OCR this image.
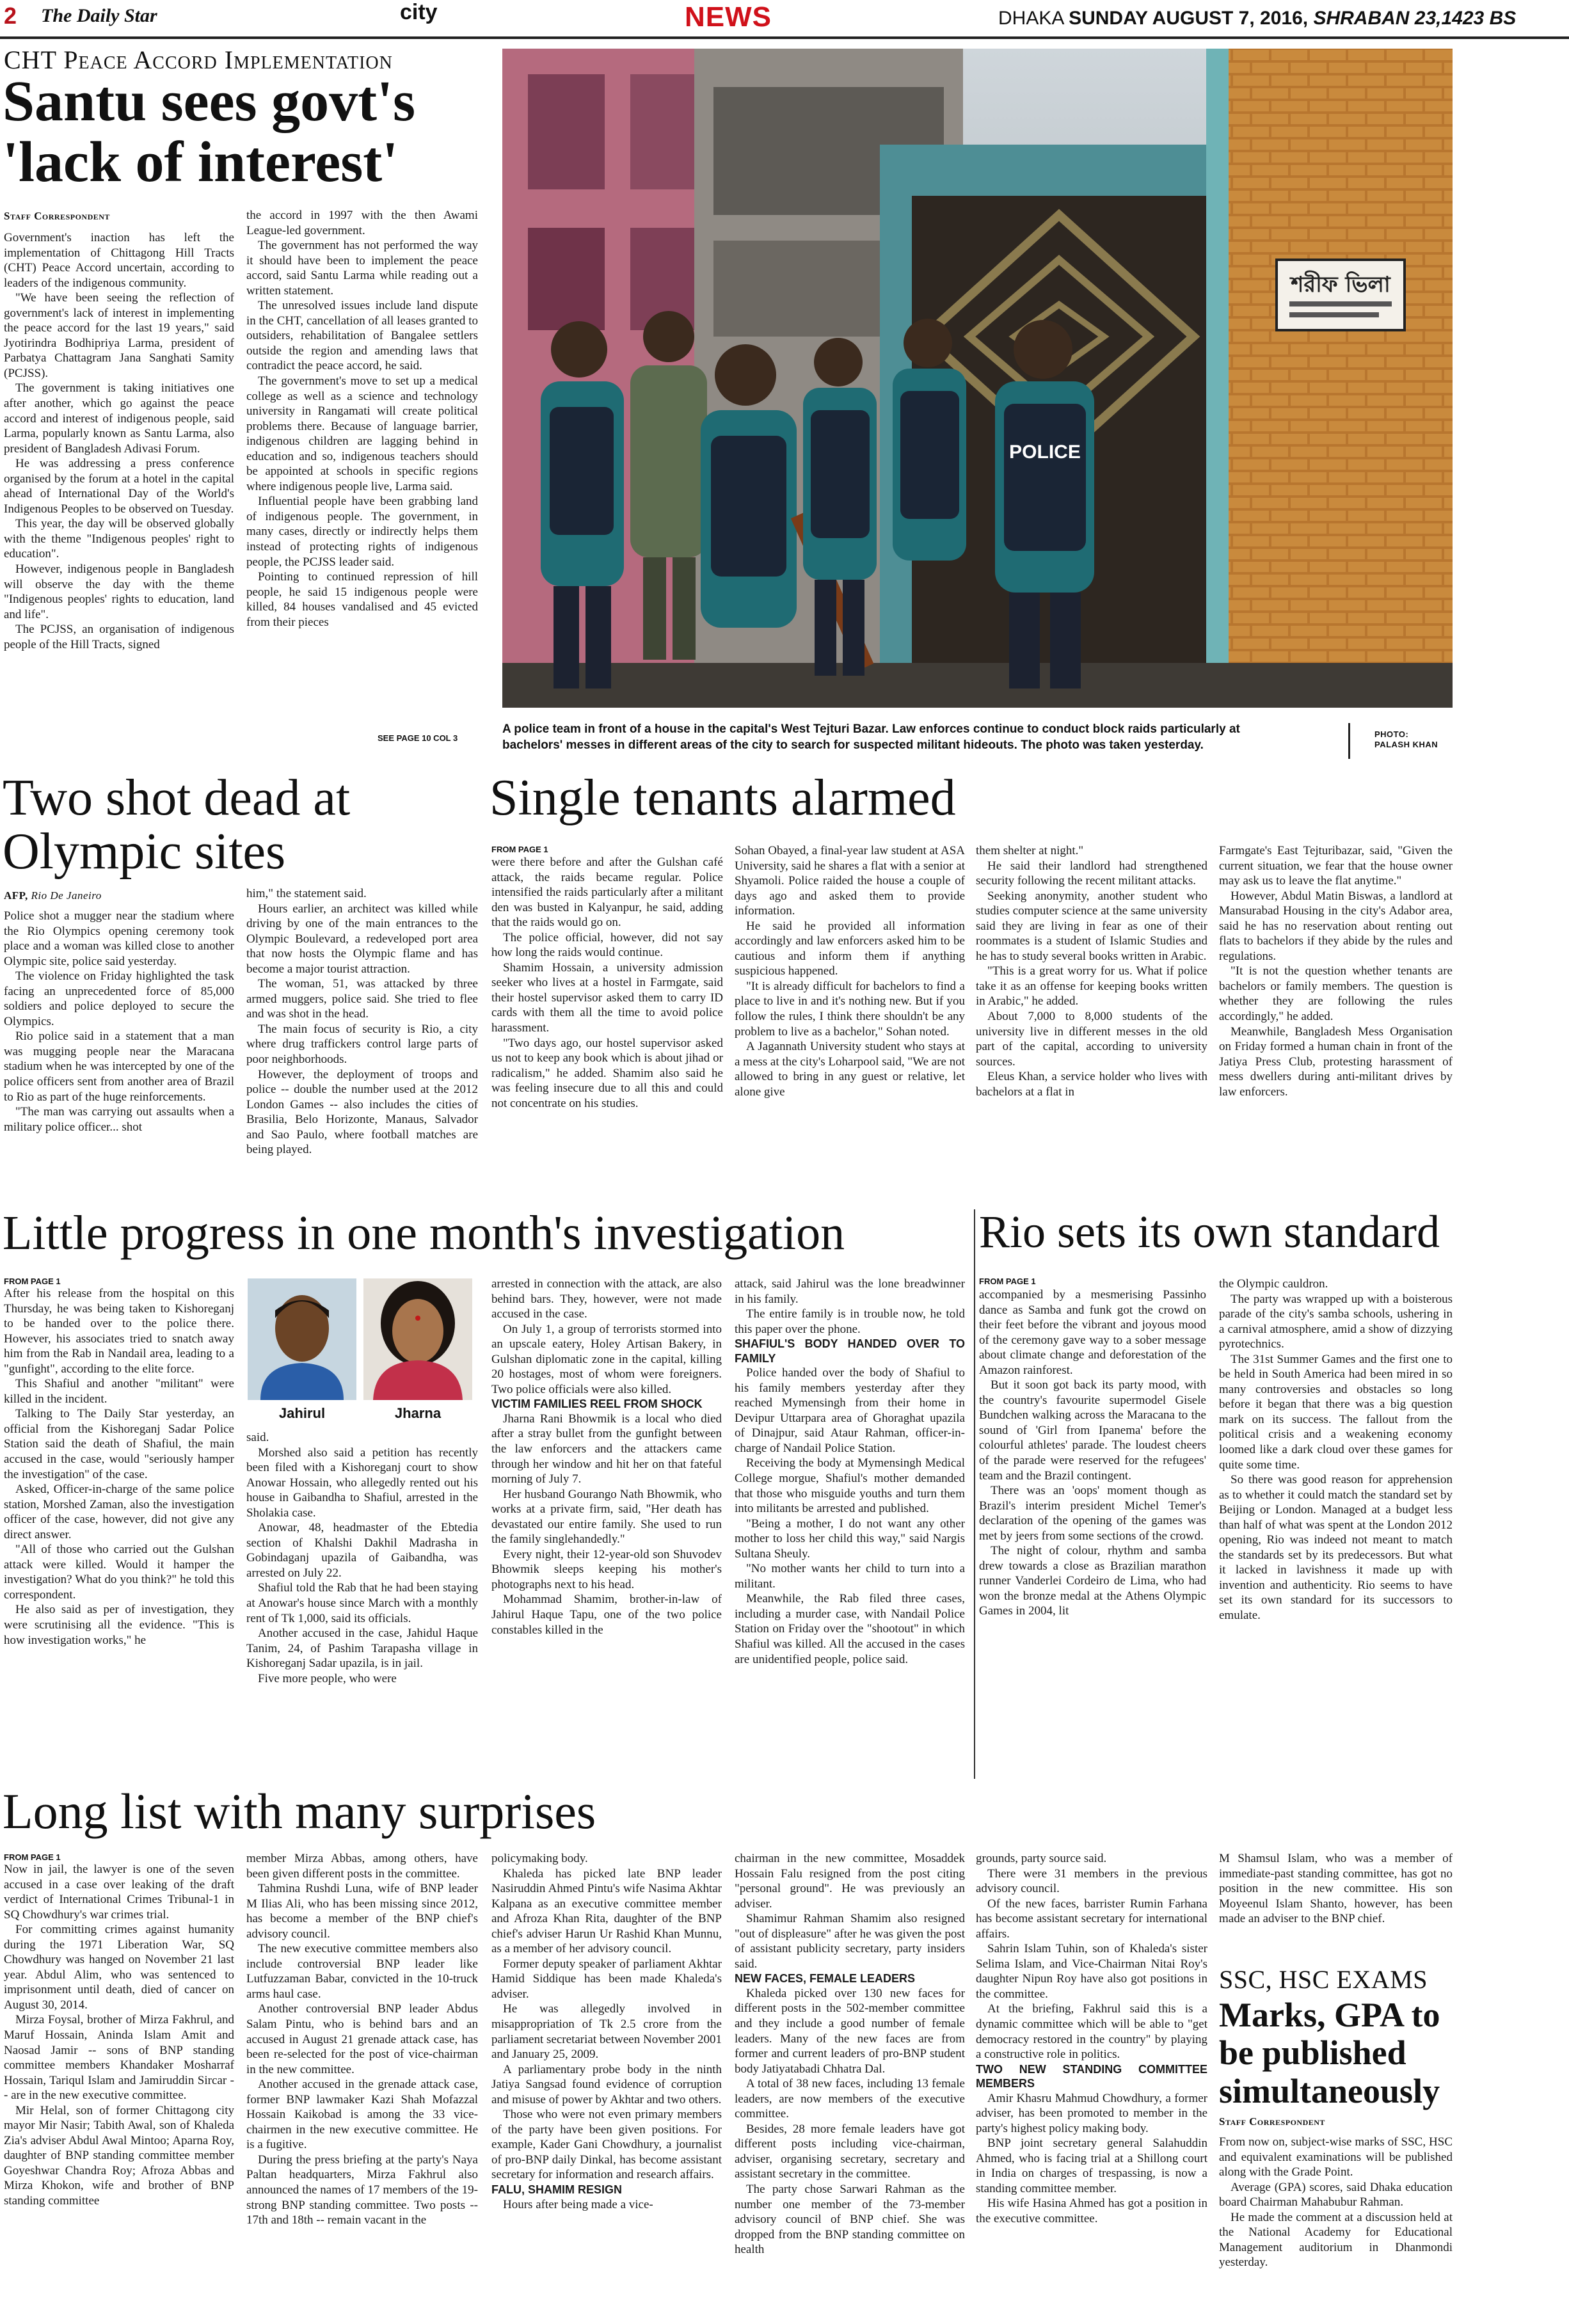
2 The Daily Star	city	NEWS	DHAKA SUNDAY AUGUST 7, 2016, SHRABAN 23,1423 BS
CHT Peace Accord Implementation
Santu sees govt's
'lack of interest'
Staff Correspondent

Government's inaction has left the implementation of Chittagong Hill Tracts (CHT) Peace Accord uncertain, according to leaders of the indigenous community.

"We have been seeing the reflection of government's lack of interest in implementing the peace accord for the last 19 years," said Jyotirindra Bodhipriya Larma, president of Parbatya Chattagram Jana Sanghati Samity (PCJSS).

The government is taking initiatives one after another, which go against the peace accord and interest of indigenous people, said Larma, popularly known as Santu Larma, also president of Bangladesh Adivasi Forum.

He was addressing a press conference organised by the forum at a hotel in the capital ahead of International Day of the World's Indigenous Peoples to be observed on Tuesday.

This year, the day will be observed globally with the theme "Indigenous peoples' right to education".

However, indigenous people in Bangladesh will observe the day with the theme "Indigenous peoples' rights to education, land and life".

The PCJSS, an organisation of indigenous people of the Hill Tracts, signed

the accord in 1997 with the then Awami League-led government.

The government has not performed the way it should have been to implement the peace accord, said Santu Larma while reading out a written statement.

The unresolved issues include land dispute in the CHT, cancellation of all leases granted to outsiders, rehabilitation of Bangalee settlers outside the region and amending laws that contradict the peace accord, he said.

The government's move to set up a medical college as well as a science and technology university in Rangamati will create political problems there. Because of language barrier, indigenous children are lagging behind in education and so, indigenous teachers should be appointed at schools in specific regions where indigenous people live, Larma said.

Influential people have been grabbing land of indigenous people. The government, in many cases, directly or indirectly helps them instead of protecting rights of indigenous people, the PCJSS leader said.

Pointing to continued repression of hill people, he said 15 indigenous people were killed, 84 houses vandalised and 45 evicted from their pieces

SEE PAGE 10 COL 3
শরীফ ভিলা
POLICE
A police team in front of a house in the capital's West Tejturi Bazar. Law enforces continue to conduct block raids particularly at bachelors' messes in different areas of the city to search for suspected militant hideouts. The photo was taken yesterday.
PHOTO:
PALASH KHAN
Two shot dead at
Olympic sites
AFP, Rio De Janeiro

Police shot a mugger near the stadium where the Rio Olympics opening ceremony took place and a woman was killed close to another Olympic site, police said yesterday.

The violence on Friday highlighted the task facing an unprecedented force of 85,000 soldiers and police deployed to secure the Olympics.

Rio police said in a statement that a man was mugging people near the Maracana stadium when he was intercepted by one of the police officers sent from another area of Brazil to Rio as part of the huge reinforcements.

"The man was carrying out assaults when a military police officer... shot

him," the statement said.

Hours earlier, an architect was killed while driving by one of the main entrances to the Olympic Boulevard, a redeveloped port area that now hosts the Olympic flame and has become a major tourist attraction.

The woman, 51, was attacked by three armed muggers, police said. She tried to flee and was shot in the head.

The main focus of security is Rio, a city where drug traffickers control large parts of poor neighborhoods.

However, the deployment of troops and police -- double the number used at the 2012 London Games -- also includes the cities of Brasilia, Belo Horizonte, Manaus, Salvador and Sao Paulo, where football matches are being played.

Single tenants alarmed
FROM PAGE 1

were there before and after the Gulshan café attack, the raids became regular. Police intensified the raids particularly after a militant den was busted in Kalyanpur, he said, adding that the raids would go on.

The police official, however, did not say how long the raids would continue.

Shamim Hossain, a university admission seeker who lives at a hostel in Farmgate, said their hostel supervisor asked them to carry ID cards with them all the time to avoid police harassment.

"Two days ago, our hostel supervisor asked us not to keep any book which is about jihad or radicalism," he added. Shamim also said he was feeling insecure due to all this and could not concentrate on his studies.

Sohan Obayed, a final-year law student at ASA University, said he shares a flat with a senior at Shyamoli. Police raided the house a couple of days ago and asked them to provide information.

He said he provided all information accordingly and law enforcers asked him to be cautious and inform them if anything suspicious happened.

"It is already difficult for bachelors to find a place to live in and it's nothing new. But if you follow the rules, I think there shouldn't be any problem to live as a bachelor," Sohan noted.

A Jagannath University student who stays at a mess at the city's Loharpool said, "We are not allowed to bring in any guest or relative, let alone give

them shelter at night."

He said their landlord had strengthened security following the recent militant attacks.

Seeking anonymity, another student who studies computer science at the same university said they are living in fear as one of their roommates is a student of Islamic Studies and he has to study several books written in Arabic.

"This is a great worry for us. What if police take it as an offense for keeping books written in Arabic," he added.

About 7,000 to 8,000 students of the university live in different messes in the old part of the capital, according to university sources.

Eleus Khan, a service holder who lives with bachelors at a flat in

Farmgate's East Tejturibazar, said, "Given the current situation, we fear that the house owner may ask us to leave the flat anytime."

However, Abdul Matin Biswas, a landlord at Mansurabad Housing in the city's Adabor area, said he has no reservation about renting out flats to bachelors if they abide by the rules and regulations.

"It is not the question whether tenants are bachelors or family members. The question is whether they are following the rules accordingly," he added.

Meanwhile, Bangladesh Mess Organisation on Friday formed a human chain in front of the Jatiya Press Club, protesting harassment of mess dwellers during anti-militant drives by law enforcers.

Little progress in one month's investigation
FROM PAGE 1

After his release from the hospital on this Thursday, he was being taken to Kishoreganj to be handed over to the police there. However, his associates tried to snatch away him from the Rab in Nandail area, leading to a "gunfight", according to the elite force.

This Shafiul and another "militant" were killed in the incident.

Talking to The Daily Star yesterday, an official from the Kishoreganj Sadar Police Station said the death of Shafiul, the main accused in the case, would "seriously hamper the investigation" of the case.

Asked, Officer-in-charge of the same police station, Morshed Zaman, also the investigation officer of the case, however, did not give any direct answer.

"All of those who carried out the Gulshan attack were killed. Would it hamper the investigation? What do you think?" he told this correspondent.

He also said as per of investigation, they were scrutinising all the evidence. "This is how investigation works," he

Jahirul	Jharna

said.

Morshed also said a petition has recently been filed with a Kishoreganj court to show Anowar Hossain, who allegedly rented out his house in Gaibandha to Shafiul, arrested in the Sholakia case.

Anowar, 48, headmaster of the Ebtedia section of Khalshi Dakhil Madrasha in Gobindaganj upazila of Gaibandha, was arrested on July 22.

Shafiul told the Rab that he had been staying at Anowar's house since March with a monthly rent of Tk 1,000, said its officials.

Another accused in the case, Jahidul Haque Tanim, 24, of Pashim Tarapasha village in Kishoreganj Sadar upazila, is in jail.

Five more people, who were

arrested in connection with the attack, are also behind bars. They, however, were not made accused in the case.

On July 1, a group of terrorists stormed into an upscale eatery, Holey Artisan Bakery, in Gulshan diplomatic zone in the capital, killing 20 hostages, most of whom were foreigners. Two police officials were also killed.

VICTIM FAMILIES REEL FROM SHOCK

Jharna Rani Bhowmik is a local who died after a stray bullet from the gunfight between the law enforcers and the attackers came through her window and hit her on that fateful morning of July 7.

Her husband Gourango Nath Bhowmik, who works at a private firm, said, "Her death has devastated our entire family. She used to run the family singlehandedly."

Every night, their 12-year-old son Shuvodev Bhowmik sleeps keeping his mother's photographs next to his head.

Mohammad Shamim, brother-in-law of Jahirul Haque Tapu, one of the two police constables killed in the

attack, said Jahirul was the lone breadwinner in his family.

The entire family is in trouble now, he told this paper over the phone.

SHAFIUL'S BODY HANDED OVER TO FAMILY

Police handed over the body of Shafiul to his family members yesterday after they reached Mymensingh from their home in Devipur Uttarpara area of Ghoraghat upazila of Dinajpur, said Ataur Rahman, officer-in-charge of Nandail Police Station.

Receiving the body at Mymensingh Medical College morgue, Shafiul's mother demanded that those who misguide youths and turn them into militants be arrested and published.

"Being a mother, I do not want any other mother to loss her child this way," said Nargis Sultana Sheuly.

"No mother wants her child to turn into a militant.

Meanwhile, the Rab filed three cases, including a murder case, with Nandail Police Station on Friday over the "shootout" in which Shafiul was killed. All the accused in the cases are unidentified people, police said.

Rio sets its own standard
FROM PAGE 1

accompanied by a mesmerising Passinho dance as Samba and funk got the crowd on their feet before the vibrant and joyous mood of the ceremony gave way to a sober message about climate change and deforestation of the Amazon rainforest.

But it soon got back its party mood, with the country's favourite supermodel Gisele Bundchen walking across the Maracana to the sound of 'Girl from Ipanema' before the colourful athletes' parade. The loudest cheers of the parade were reserved for the refugees' team and the Brazil contingent.

There was an 'oops' moment though as Brazil's interim president Michel Temer's declaration of the opening of the games was met by jeers from some sections of the crowd.

The night of colour, rhythm and samba drew towards a close as Brazilian marathon runner Vanderlei Cordeiro de Lima, who had won the bronze medal at the Athens Olympic Games in 2004, lit

the Olympic cauldron.

The party was wrapped up with a boisterous parade of the city's samba schools, ushering in a carnival atmosphere, amid a show of dizzying pyrotechnics.

The 31st Summer Games and the first one to be held in South America had been mired in so many controversies and obstacles so long before it began that there was a big question mark on its success. The fallout from the political crisis and a weakening economy loomed like a dark cloud over these games for quite some time.

So there was good reason for apprehension as to whether it could match the standard set by Beijing or London. Managed at a budget less than half of what was spent at the London 2012 opening, Rio was indeed not meant to match the standards set by its predecessors. But what it lacked in lavishness it made up with invention and authenticity. Rio seems to have set its own standard for its successors to emulate.

Long list with many surprises
FROM PAGE 1

Now in jail, the lawyer is one of the seven accused in a case over leaking of the draft verdict of International Crimes Tribunal-1 in SQ Chowdhury's war crimes trial.

For committing crimes against humanity during the 1971 Liberation War, SQ Chowdhury was hanged on November 21 last year. Abdul Alim, who was sentenced to imprisonment until death, died of cancer on August 30, 2014.

Mirza Foysal, brother of Mirza Fakhrul, and Maruf Hossain, Aninda Islam Amit and Naosad Jamir -- sons of BNP standing committee members Khandaker Mosharraf Hossain, Tariqul Islam and Jamiruddin Sircar -- are in the new executive committee.

Mir Helal, son of former Chittagong city mayor Mir Nasir; Tabith Awal, son of Khaleda Zia's adviser Abdul Awal Mintoo; Aparna Roy, daughter of BNP standing committee member Goyeshwar Chandra Roy; Afroza Abbas and Mirza Khokon, wife and brother of BNP standing committee

member Mirza Abbas, among others, have been given different posts in the committee.

Tahmina Rushdi Luna, wife of BNP leader M Ilias Ali, who has been missing since 2012, has become a member of the BNP chief's advisory council.

The new executive committee members also include controversial BNP leader like Lutfuzzaman Babar, convicted in the 10-truck arms haul case.

Another controversial BNP leader Abdus Salam Pintu, who is behind bars and an accused in August 21 grenade attack case, has been re-selected for the post of vice-chairman in the new committee.

Another accused in the grenade attack case, former BNP lawmaker Kazi Shah Mofazzal Hossain Kaikobad is among the 33 vice-chairmen in the new executive committee. He is a fugitive.

During the press briefing at the party's Naya Paltan headquarters, Mirza Fakhrul also announced the names of 17 members of the 19-strong BNP standing committee. Two posts -- 17th and 18th -- remain vacant in the

policymaking body.

Khaleda has picked late BNP leader Nasiruddin Ahmed Pintu's wife Nasima Akhtar Kalpana as an executive committee member and Afroza Khan Rita, daughter of the BNP chief's adviser Harun Ur Rashid Khan Munnu, as a member of her advisory council.

Former deputy speaker of parliament Akhtar Hamid Siddique has been made Khaleda's adviser.

He was allegedly involved in misappropriation of Tk 2.5 crore from the parliament secretariat between November 2001 and January 25, 2009.

A parliamentary probe body in the ninth Jatiya Sangsad found evidence of corruption and misuse of power by Akhtar and two others.

Those who were not even primary members of the party have been given positions. For example, Kader Gani Chowdhury, a journalist of pro-BNP daily Dinkal, has become assistant secretary for information and research affairs.

FALU, SHAMIM RESIGN

Hours after being made a vice-

chairman in the new committee, Mosaddek Hossain Falu resigned from the post citing "personal ground". He was previously an adviser.

Shamimur Rahman Shamim also resigned "out of displeasure" after he was given the post of assistant publicity secretary, party insiders said.

NEW FACES, FEMALE LEADERS

Khaleda picked over 130 new faces for different posts in the 502-member committee and they include a good number of female leaders. Many of the new faces are from former and current leaders of pro-BNP student body Jatiyatabadi Chhatra Dal.

A total of 38 new faces, including 13 female leaders, are now members of the executive committee.

Besides, 28 more female leaders have got different posts including vice-chairman, adviser, organising secretary, secretary and assistant secretary in the committee.

The party chose Sarwari Rahman as the number one member of the 73-member advisory council of BNP chief. She was dropped from the BNP standing committee on health

grounds, party source said.

There were 31 members in the previous advisory council.

Of the new faces, barrister Rumin Farhana has become assistant secretary for international affairs.

Sahrin Islam Tuhin, son of Khaleda's sister Selima Islam, and Vice-Chairman Nitai Roy's daughter Nipun Roy have also got positions in the committee.

At the briefing, Fakhrul said this is a dynamic committee which will be able to "get democracy restored in the country" by playing a constructive role in politics.

TWO NEW STANDING COMMITTEE MEMBERS

Amir Khasru Mahmud Chowdhury, a former adviser, has been promoted to member in the party's highest policy making body.

BNP joint secretary general Salahuddin Ahmed, who is facing trial at a Shillong court in India on charges of trespassing, is now a standing committee member.

His wife Hasina Ahmed has got a position in the executive committee.

M Shamsul Islam, who was a member of immediate-past standing committee, has got no position in the new committee. His son Moyeenul Islam Shanto, however, has been made an adviser to the BNP chief.

SSC, HSC EXAMS
Marks, GPA to be published simultaneously
Staff Correspondent

From now on, subject-wise marks of SSC, HSC and equivalent examinations will be published along with the Grade Point.

Average (GPA) scores, said Dhaka education board Chairman Mahabubur Rahman.

He made the comment at a discussion held at the National Academy for Educational Management auditorium in Dhanmondi yesterday.
